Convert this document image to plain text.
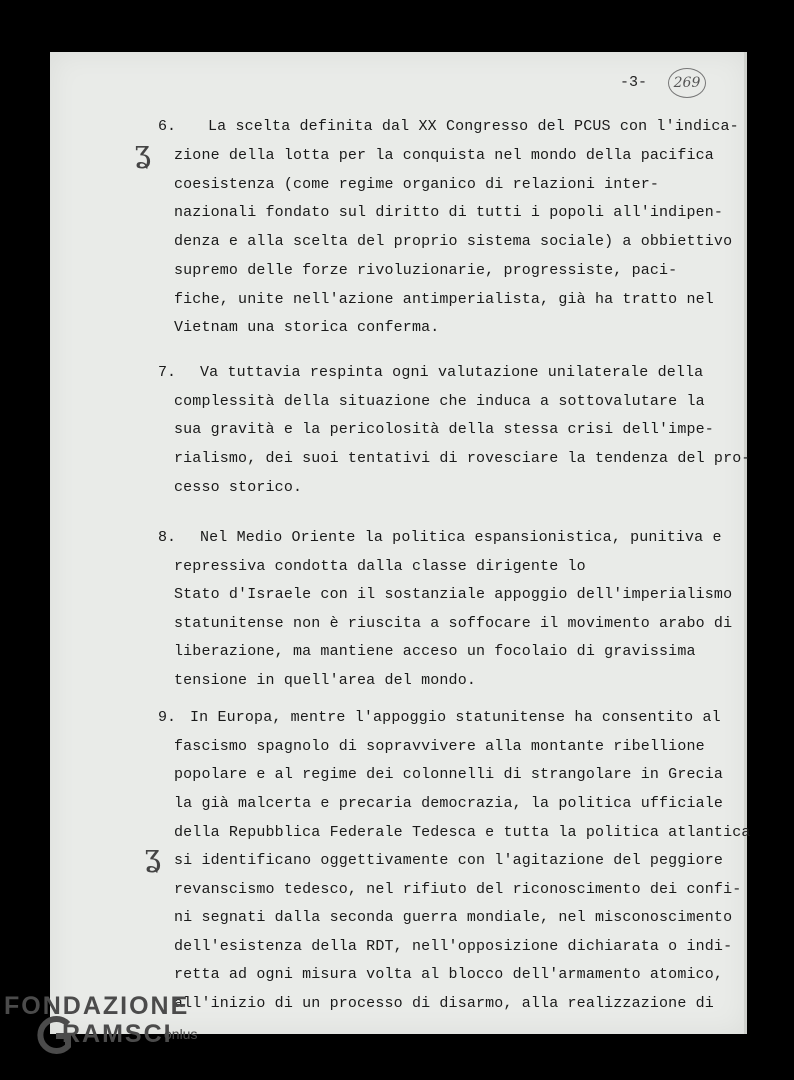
-3-	269
6. La scelta definita dal XX Congresso del PCUS con l'indica-
zione della lotta per la conquista nel mondo della pacifica
coesistenza (come regime organico di relazioni inter-
nazionali fondato sul diritto di tutti i popoli all'indipen-
denza e alla scelta del proprio sistema sociale) a obbiettivo
supremo delle forze rivoluzionarie, progressiste, paci-
fiche, unite nell'azione antimperialista, già ha tratto nel
Vietnam una storica conferma.
ʓ
7. Va tuttavia respinta ogni valutazione unilaterale della
complessità della situazione che induca a sottovalutare la
sua gravità e la pericolosità della stessa crisi dell'impe-
rialismo, dei suoi tentativi di rovesciare la tendenza del pro-
cesso storico.
8. Nel Medio Oriente la politica espansionistica, punitiva e
repressiva condotta dalla classe dirigente lo
Stato d'Israele con il sostanziale appoggio dell'imperialismo
statunitense non è riuscita a soffocare il movimento arabo di
liberazione, ma mantiene acceso un focolaio di gravissima
tensione in quell'area del mondo.
9. In Europa, mentre l'appoggio statunitense ha consentito al
fascismo spagnolo di sopravvivere alla montante ribellione
popolare e al regime dei colonnelli di strangolare in Grecia
la già malcerta e precaria democrazia, la politica ufficiale
della Repubblica Federale Tedesca e tutta la politica atlantica
si identificano oggettivamente con l'agitazione del peggiore
revanscismo tedesco, nel rifiuto del riconoscimento dei confi-
ni segnati dalla seconda guerra mondiale, nel misconoscimento
dell'esistenza della RDT, nell'opposizione dichiarata o indi-
retta ad ogni misura volta al blocco dell'armamento atomico,
all'inizio di un processo di disarmo, alla realizzazione di
ʓ
FONDAZIONE
RAMSCI
onlus
